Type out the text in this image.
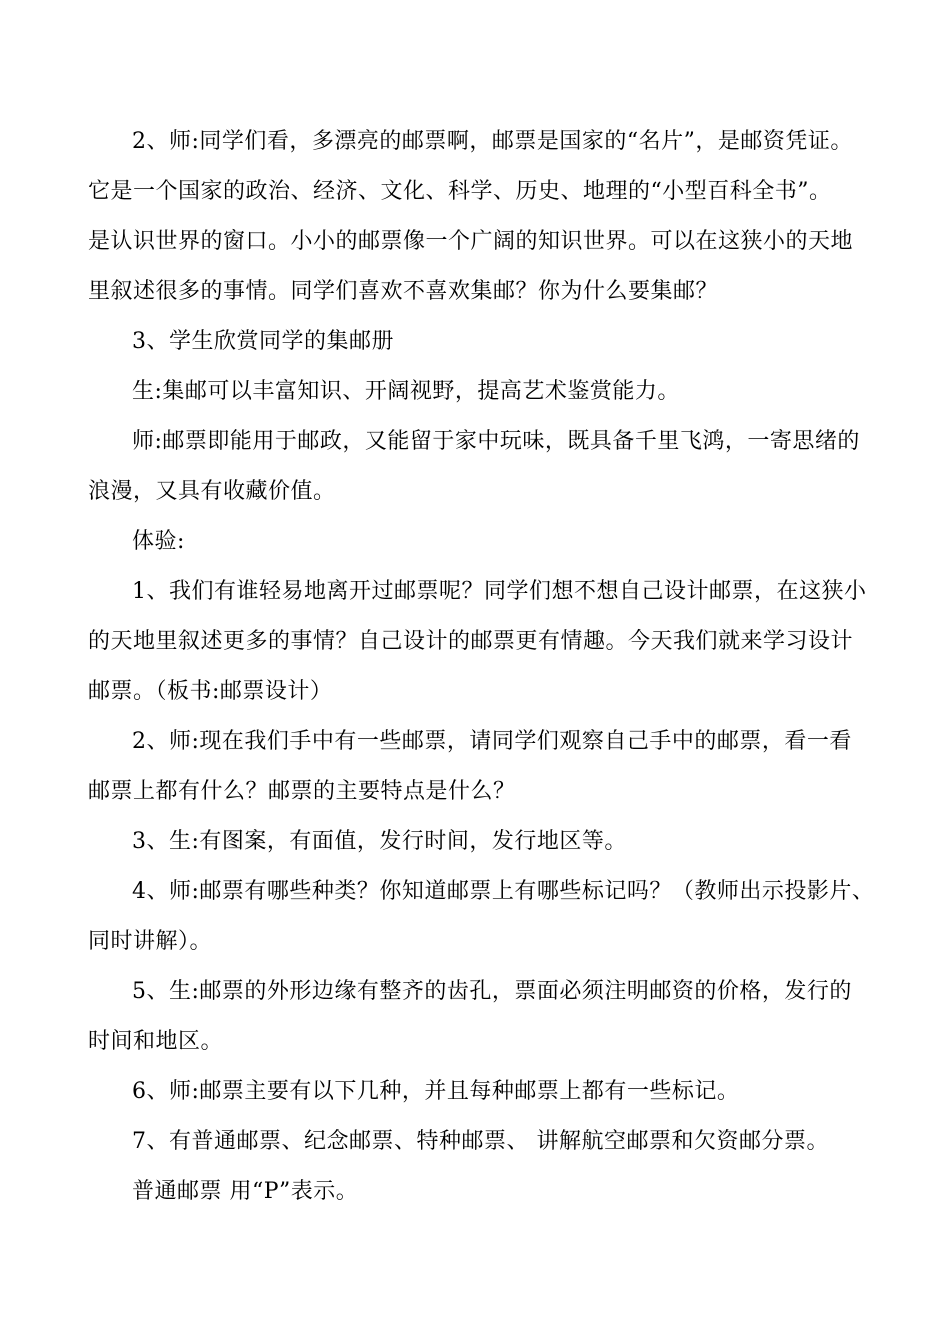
2、师:同学们看，多漂亮的邮票啊，邮票是国家的“名片”，是邮资凭证。
它是一个国家的政治、经济、文化、科学、历史、地理的“小型百科全书”。
是认识世界的窗口。小小的邮票像一个广阔的知识世界。可以在这狭小的天地
里叙述很多的事情。同学们喜欢不喜欢集邮？你为什么要集邮？

3、学生欣赏同学的集邮册

生:集邮可以丰富知识、开阔视野，提高艺术鉴赏能力。

师:邮票即能用于邮政，又能留于家中玩味，既具备千里飞鸿，一寄思绪的
浪漫，又具有收藏价值。

体验:

1、我们有谁轻易地离开过邮票呢？同学们想不想自己设计邮票，在这狭小
的天地里叙述更多的事情？自己设计的邮票更有情趣。今天我们就来学习设计
邮票。（板书:邮票设计）

2、师:现在我们手中有一些邮票，请同学们观察自己手中的邮票，看一看
邮票上都有什么？邮票的主要特点是什么？

3、生:有图案，有面值，发行时间，发行地区等。

4、师:邮票有哪些种类？你知道邮票上有哪些标记吗？（教师出示投影片、
同时讲解）。

5、生:邮票的外形边缘有整齐的齿孔，票面必须注明邮资的价格，发行的
时间和地区。

6、师:邮票主要有以下几种，并且每种邮票上都有一些标记。

7、有普通邮票、纪念邮票、特种邮票、 讲解航空邮票和欠资邮分票。

普通邮票 用“P”表示。
